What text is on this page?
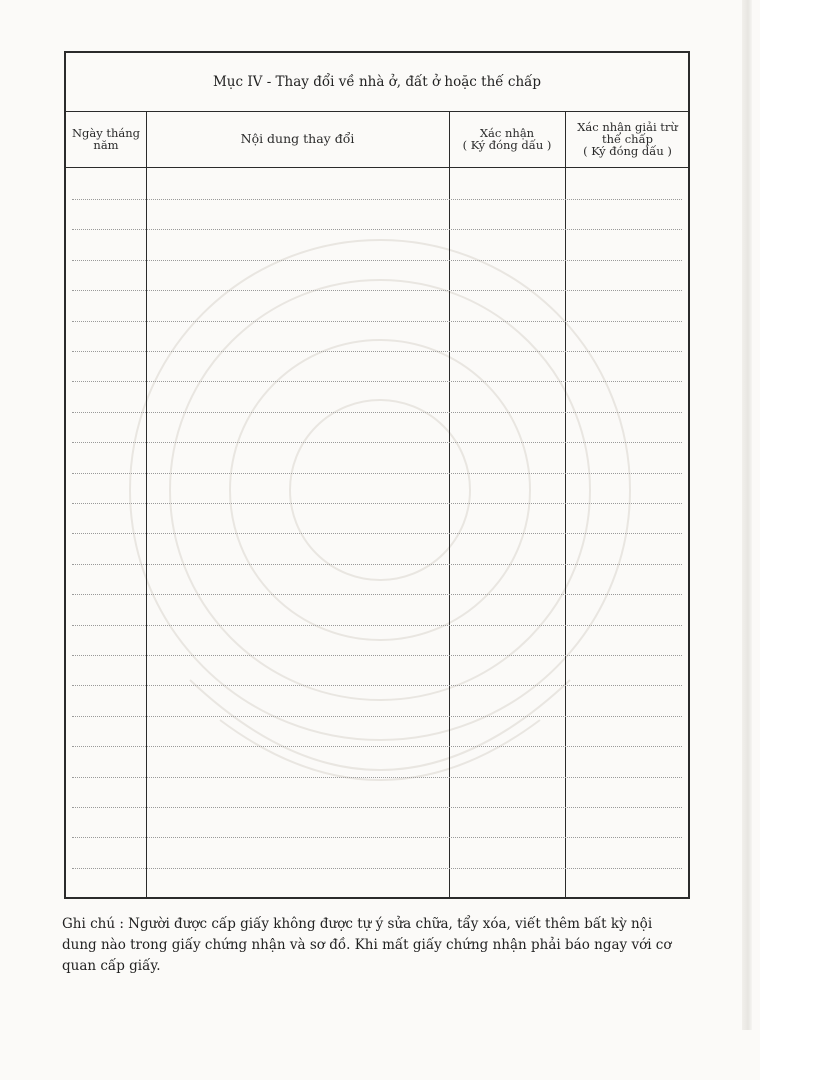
Mục IV - Thay đổi về nhà ở, đất ở hoặc thế chấp
Ngày tháng
năm	Nội dung thay đổi	Xác nhận
( Ký đóng dấu )
Xác nhận giải trừ
thế chấp
( Ký đóng dấu )
Ghi chú : Người được cấp giấy không được tự ý sửa chữa, tẩy xóa, viết thêm bất kỳ nội
dung nào trong giấy chứng nhận và sơ đồ. Khi mất giấy chứng nhận phải báo ngay với cơ
quan cấp giấy.
